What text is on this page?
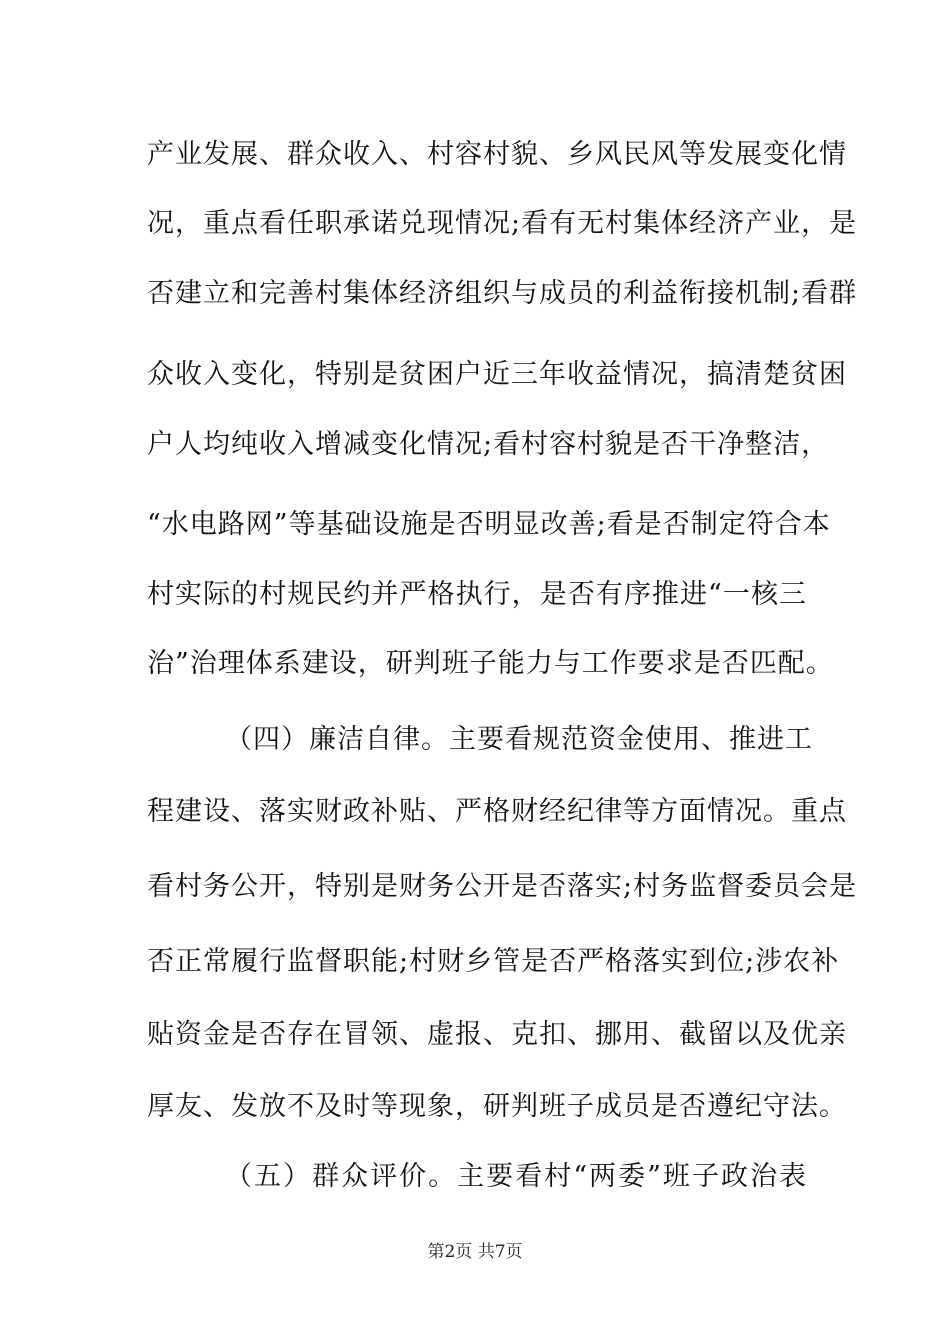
产业发展、群众收入、村容村貌、乡风民风等发展变化情
况，重点看任职承诺兑现情况;看有无村集体经济产业，是
否建立和完善村集体经济组织与成员的利益衔接机制;看群
众收入变化，特别是贫困户近三年收益情况，搞清楚贫困
户人均纯收入增减变化情况;看村容村貌是否干净整洁，
“水电路网”等基础设施是否明显改善;看是否制定符合本
村实际的村规民约并严格执行，是否有序推进“一核三
治”治理体系建设，研判班子能力与工作要求是否匹配。
（四）廉洁自律。主要看规范资金使用、推进工
程建设、落实财政补贴、严格财经纪律等方面情况。重点
看村务公开，特别是财务公开是否落实;村务监督委员会是
否正常履行监督职能;村财乡管是否严格落实到位;涉农补
贴资金是否存在冒领、虚报、克扣、挪用、截留以及优亲
厚友、发放不及时等现象，研判班子成员是否遵纪守法。
（五）群众评价。主要看村“两委”班子政治表
第2页 共7页
